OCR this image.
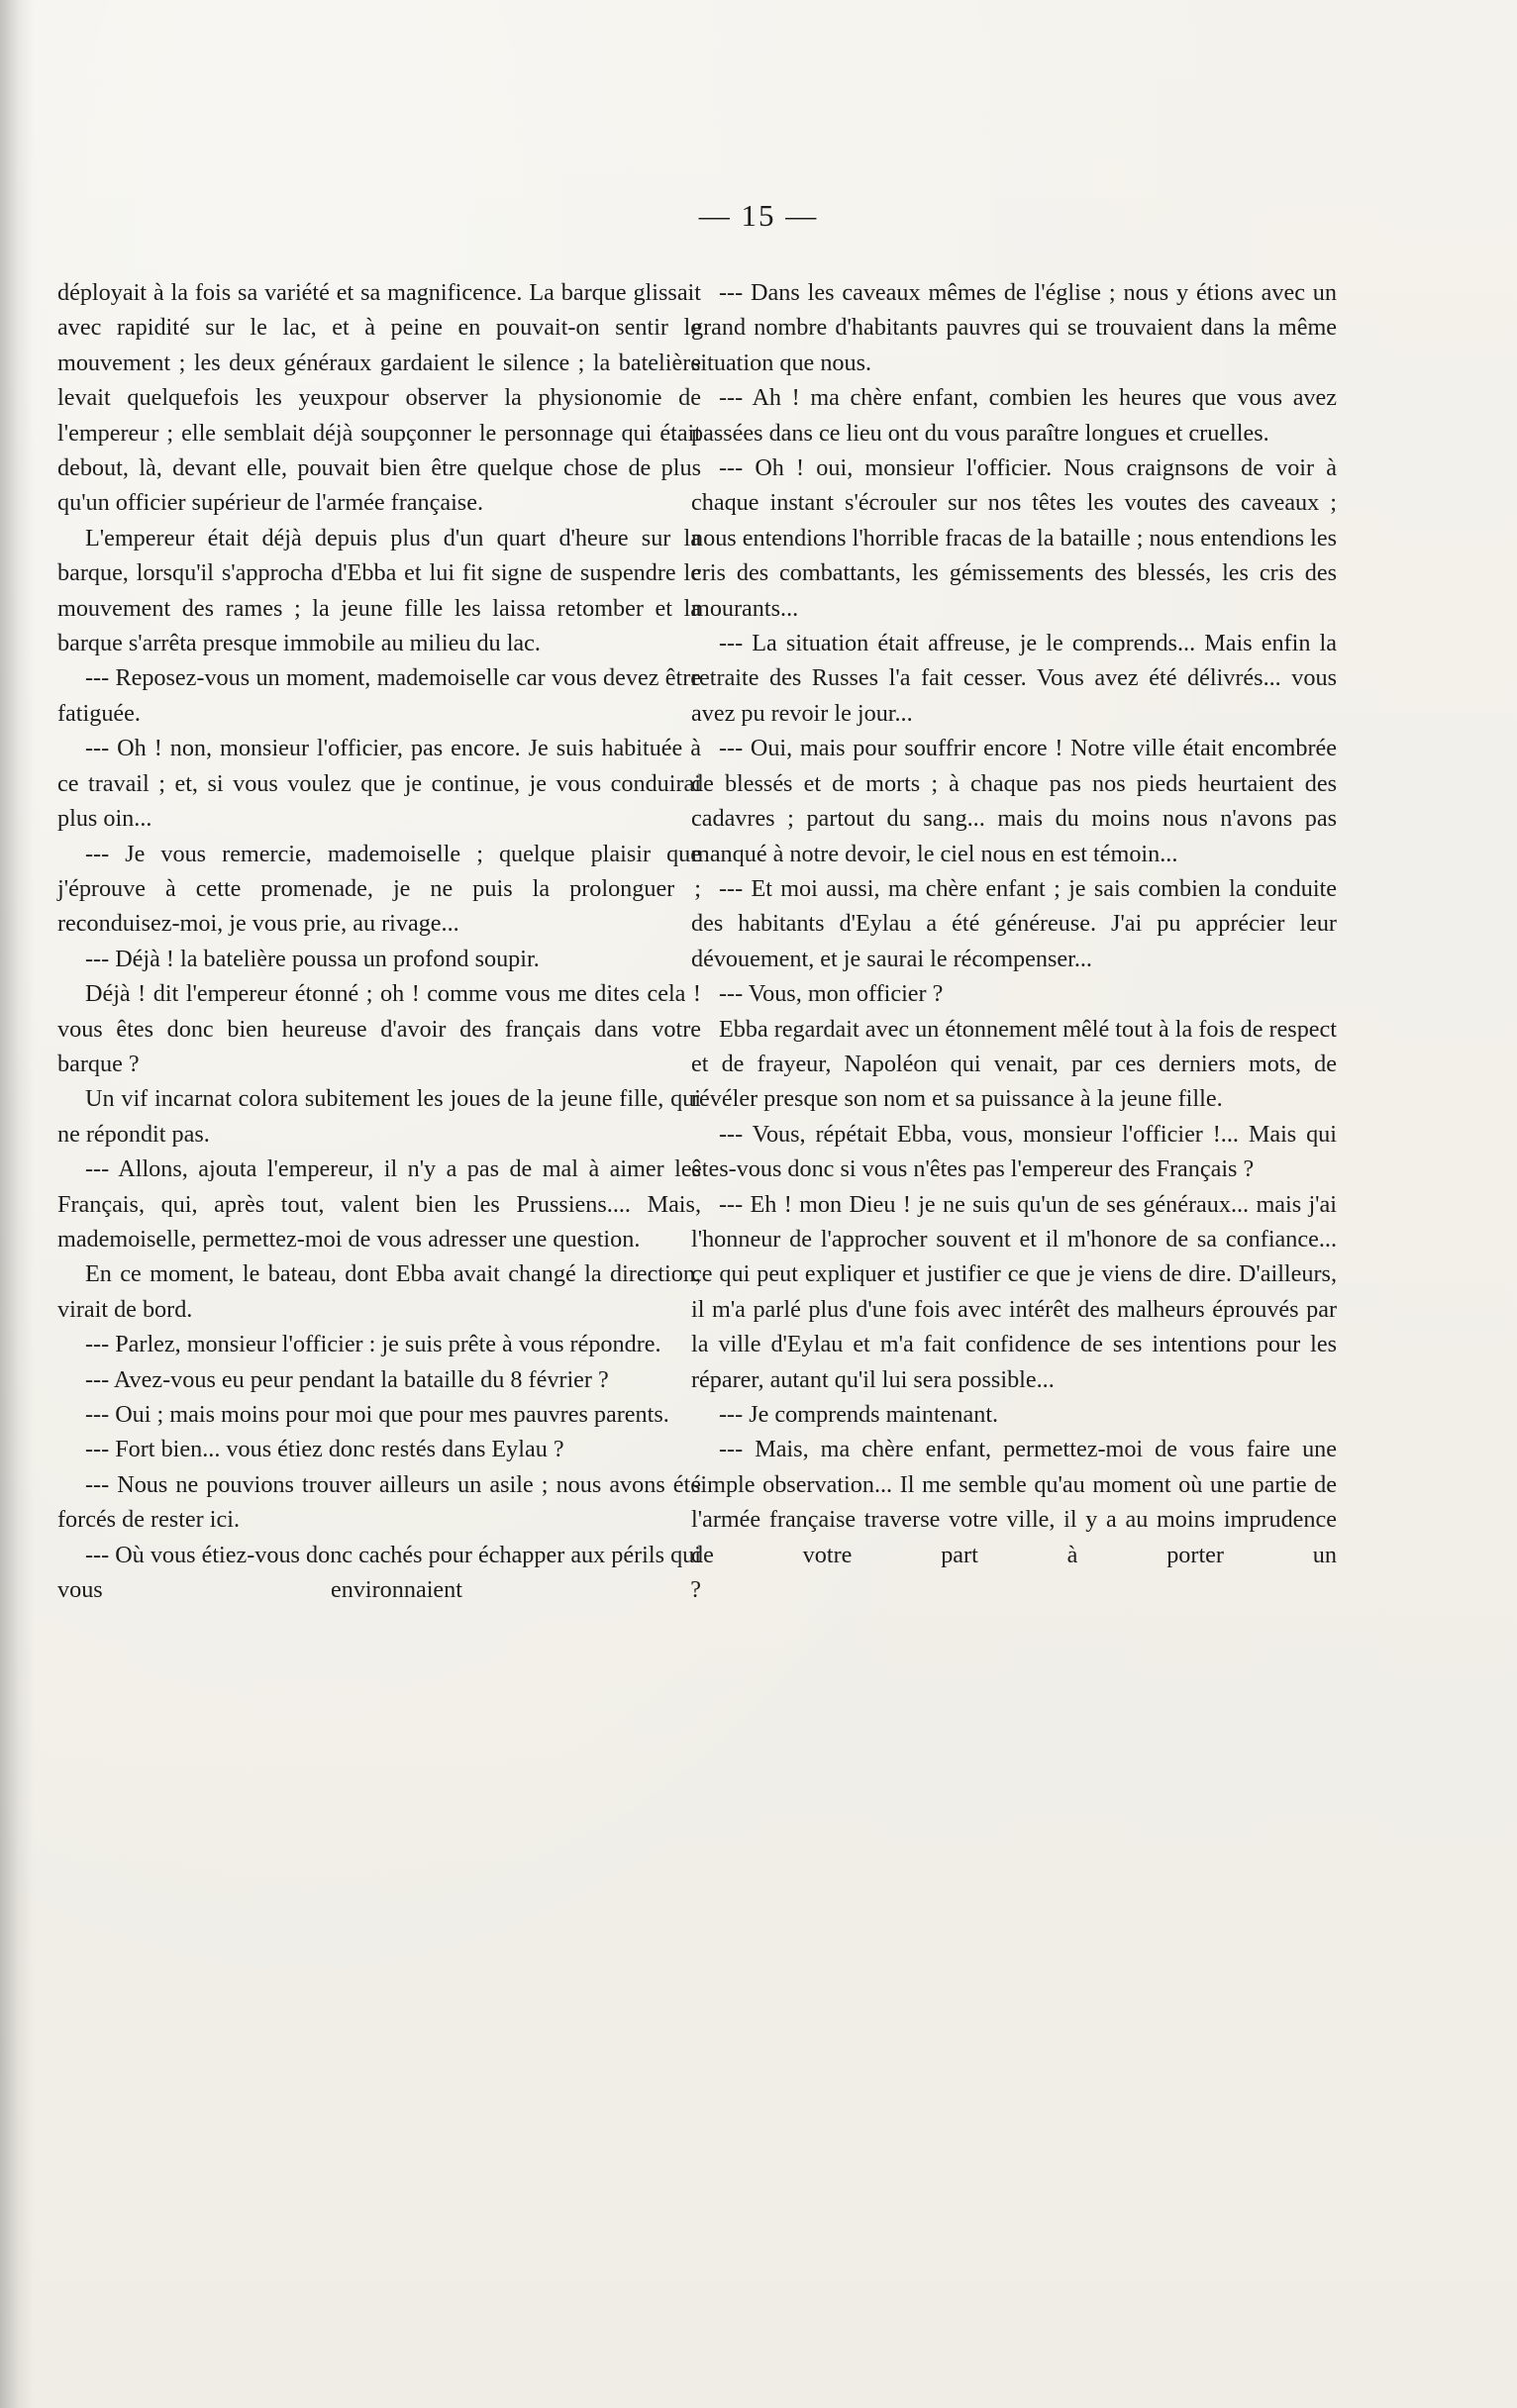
— 15 —

déployait à la fois sa variété et sa magnificence. La barque glissait avec rapidité sur le lac, et à peine en pouvait-on sentir le mouvement ; les deux généraux gardaient le silence ; la batelière levait quelquefois les yeuxpour observer la physionomie de l'empereur ; elle semblait déjà soupçonner le personnage qui était debout, là, devant elle, pouvait bien être quelque chose de plus qu'un officier supérieur de l'armée française.

L'empereur était déjà depuis plus d'un quart d'heure sur la barque, lorsqu'il s'approcha d'Ebba et lui fit signe de suspendre le mouvement des rames ; la jeune fille les laissa retomber et la barque s'arrêta presque immobile au milieu du lac.

--- Reposez-vous un moment, mademoiselle car vous devez être fatiguée.

--- Oh ! non, monsieur l'officier, pas encore. Je suis habituée à ce travail ; et, si vous voulez que je continue, je vous conduirai plus oin...

--- Je vous remercie, mademoiselle ; quelque plaisir que j'éprouve à cette promenade, je ne puis la prolonguer ; reconduisez-moi, je vous prie, au rivage...

--- Déjà ! la batelière poussa un profond soupir.

Déjà ! dit l'empereur étonné ; oh ! comme vous me dites cela ! vous êtes donc bien heureuse d'avoir des français dans votre barque ?

Un vif incarnat colora subitement les joues de la jeune fille, qui ne répondit pas.

--- Allons, ajouta l'empereur, il n'y a pas de mal à aimer les Français, qui, après tout, valent bien les Prussiens.... Mais, mademoiselle, permettez-moi de vous adresser une question.

En ce moment, le bateau, dont Ebba avait changé la direction, virait de bord.

--- Parlez, monsieur l'officier : je suis prête à vous répondre.

--- Avez-vous eu peur pendant la bataille du 8 février ?

--- Oui ; mais moins pour moi que pour mes pauvres parents.

--- Fort bien... vous étiez donc restés dans Eylau ?

--- Nous ne pouvions trouver ailleurs un asile ; nous avons été forcés de rester ici.

--- Où vous étiez-vous donc cachés pour échapper aux périls qui vous environnaient ?

--- Dans les caveaux mêmes de l'église ; nous y étions avec un grand nombre d'habitants pauvres qui se trouvaient dans la même situation que nous.

--- Ah ! ma chère enfant, combien les heures que vous avez passées dans ce lieu ont du vous paraître longues et cruelles.

--- Oh ! oui, monsieur l'officier. Nous craignsons de voir à chaque instant s'écrouler sur nos têtes les voutes des caveaux ; nous entendions l'horrible fracas de la bataille ; nous entendions les cris des combattants, les gémissements des blessés, les cris des mourants...

--- La situation était affreuse, je le comprends... Mais enfin la retraite des Russes l'a fait cesser. Vous avez été délivrés... vous avez pu revoir le jour...

--- Oui, mais pour souffrir encore ! Notre ville était encombrée de blessés et de morts ; à chaque pas nos pieds heurtaient des cadavres ; partout du sang... mais du moins nous n'avons pas manqué à notre devoir, le ciel nous en est témoin...

--- Et moi aussi, ma chère enfant ; je sais combien la conduite des habitants d'Eylau a été généreuse. J'ai pu apprécier leur dévouement, et je saurai le récompenser...

--- Vous, mon officier ?

Ebba regardait avec un étonnement mêlé tout à la fois de respect et de frayeur, Napoléon qui venait, par ces derniers mots, de révéler presque son nom et sa puissance à la jeune fille.

--- Vous, répétait Ebba, vous, monsieur l'officier !... Mais qui êtes-vous donc si vous n'êtes pas l'empereur des Français ?

--- Eh ! mon Dieu ! je ne suis qu'un de ses généraux... mais j'ai l'honneur de l'approcher souvent et il m'honore de sa confiance... ce qui peut expliquer et justifier ce que je viens de dire. D'ailleurs, il m'a parlé plus d'une fois avec intérêt des malheurs éprouvés par la ville d'Eylau et m'a fait confidence de ses intentions pour les réparer, autant qu'il lui sera possible...

--- Je comprends maintenant.

--- Mais, ma chère enfant, permettez-moi de vous faire une simple observation... Il me semble qu'au moment où une partie de l'armée française traverse votre ville, il y a au moins imprudence de votre part à porter un
